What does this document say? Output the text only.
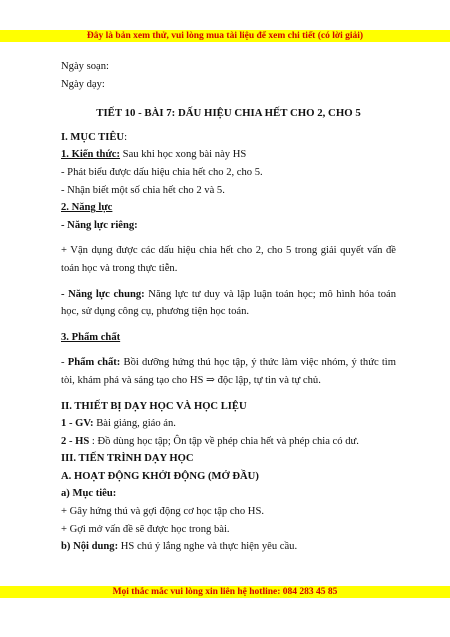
Đây là bản xem thử, vui lòng mua tài liệu để xem chi tiết (có lời giải)
Ngày soạn:
Ngày dạy:
TIẾT 10 - BÀI 7: DẤU HIỆU CHIA HẾT CHO 2, CHO 5
I. MỤC TIÊU:
1. Kiến thức: Sau khi học xong bài này HS
- Phát biểu được dấu hiệu chia hết cho 2, cho 5.
- Nhận biết một số chia hết cho 2 và 5.
2. Năng lực
- Năng lực riêng:
+ Vận dụng được các dấu hiệu chia hết cho 2, cho 5 trong giải quyết vấn đề toán học và trong thực tiễn.
- Năng lực chung: Năng lực tư duy và lập luận toán học; mô hình hóa toán học, sử dụng công cụ, phương tiện học toán.
3. Phẩm chất
- Phẩm chất: Bồi dưỡng hứng thú học tập, ý thức làm việc nhóm, ý thức tìm tòi, khám phá và sáng tạo cho HS ⇒ độc lập, tự tin và tự chủ.
II. THIẾT BỊ DẠY HỌC VÀ HỌC LIỆU
1 - GV: Bài giảng, giáo án.
2 - HS : Đồ dùng học tập; Ôn tập về phép chia hết và phép chia có dư.
III. TIẾN TRÌNH DẠY HỌC
A. HOẠT ĐỘNG KHỞI ĐỘNG (MỞ ĐẦU)
a) Mục tiêu:
+ Gây hứng thú và gợi động cơ học tập cho HS.
+ Gợi mở vấn đề sẽ được học trong bài.
b) Nội dung: HS chú ý lắng nghe và thực hiện yêu cầu.
Mọi thắc mắc vui lòng xin liên hệ hotline: 084 283 45 85
